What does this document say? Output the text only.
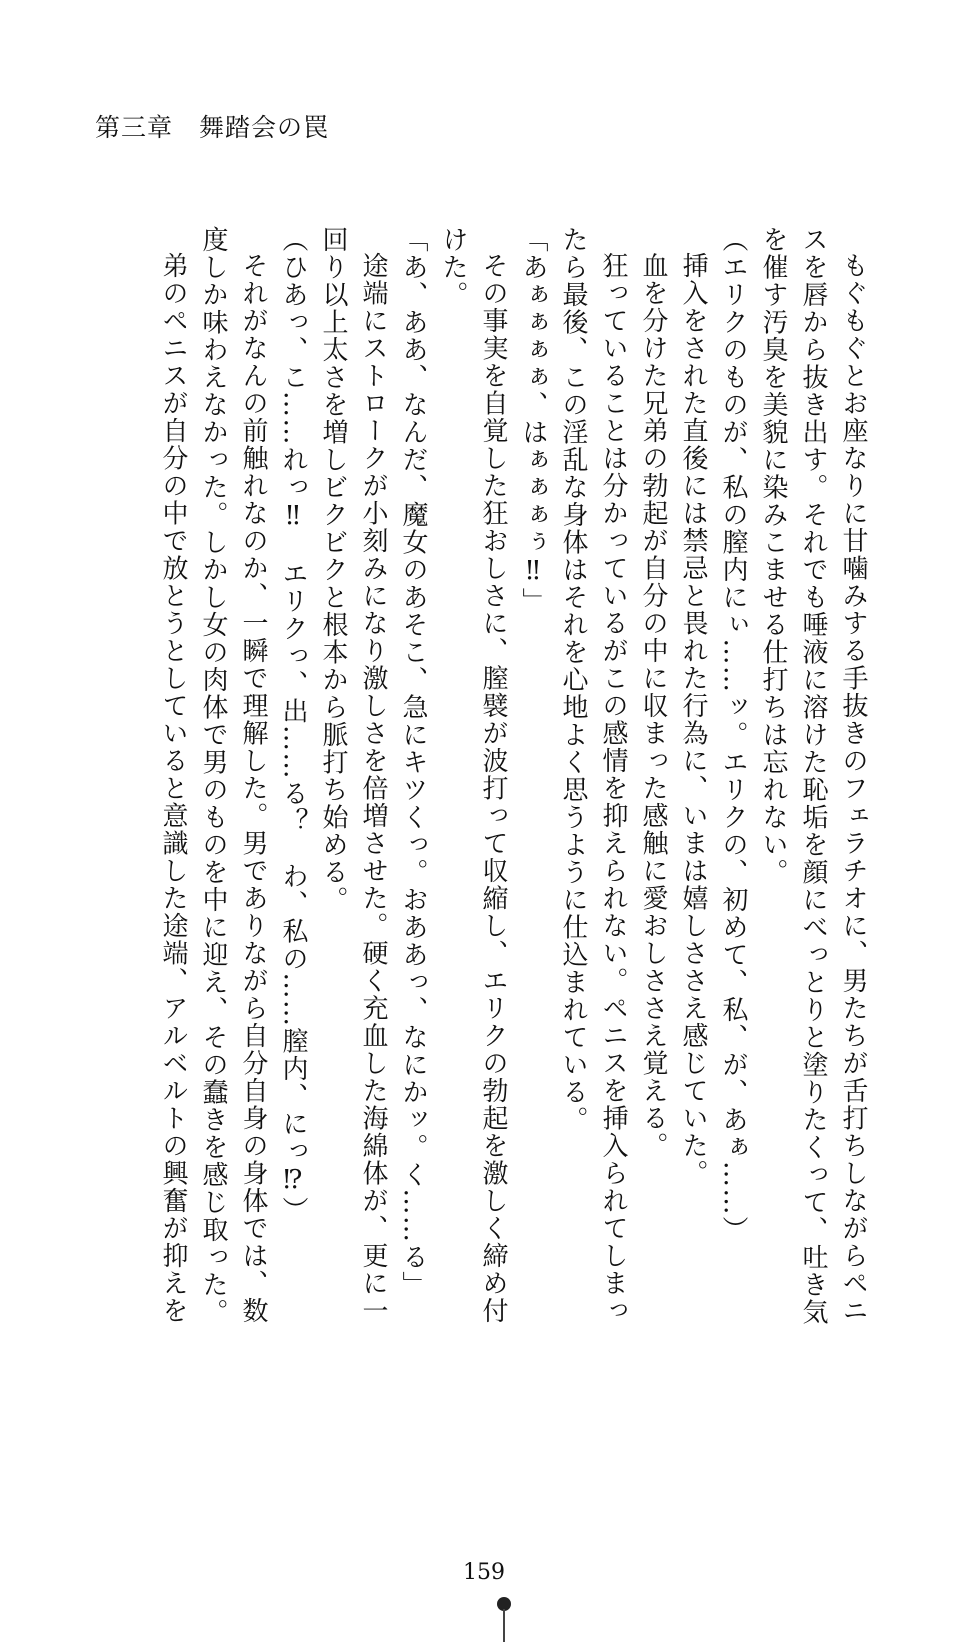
第三章　舞踏会の罠

もぐもぐとお座なりに甘噛みする手抜きのフェラチオに、男たちが舌打ちしながらペニスを唇から抜き出す。それでも唾液に溶けた恥垢を顔にべっとりと塗りたくって、吐き気を催す汚臭を美貌に染みこませる仕打ちは忘れない。

（エリクのものが、私の膣内にぃ……ッ。エリクの、初めて、私、が、あぁ……）

挿入をされた直後には禁忌と畏れた行為に、いまは嬉しささえ感じていた。

血を分けた兄弟の勃起が自分の中に収まった感触に愛おしささえ覚える。

狂っていることは分かっているがこの感情を抑えられない。ペニスを挿入られてしまったら最後、この淫乱な身体はそれを心地よく思うように仕込まれている。

「あぁぁぁぁ、はぁぁぁぅ‼」

その事実を自覚した狂おしさに、膣襞が波打って収縮し、エリクの勃起を激しく締め付けた。

「あ、ああ、なんだ、魔女のあそこ、急にキツくっ。おああっ、なにかッ。く……る」

途端にストロークが小刻みになり激しさを倍増させた。硬く充血した海綿体が、更に一回り以上太さを増しビクビクと根本から脈打ち始める。

（ひあっ、こ……れっ‼　エリクっ、出……る？　わ、私の……膣内、にっ⁉）

それがなんの前触れなのか、一瞬で理解した。男でありながら自分自身の身体では、数度しか味わえなかった。しかし女の肉体で男のものを中に迎え、その蠢きを感じ取った。

弟のペニスが自分の中で放とうとしていると意識した途端、アルベルトの興奮が抑えを

159
